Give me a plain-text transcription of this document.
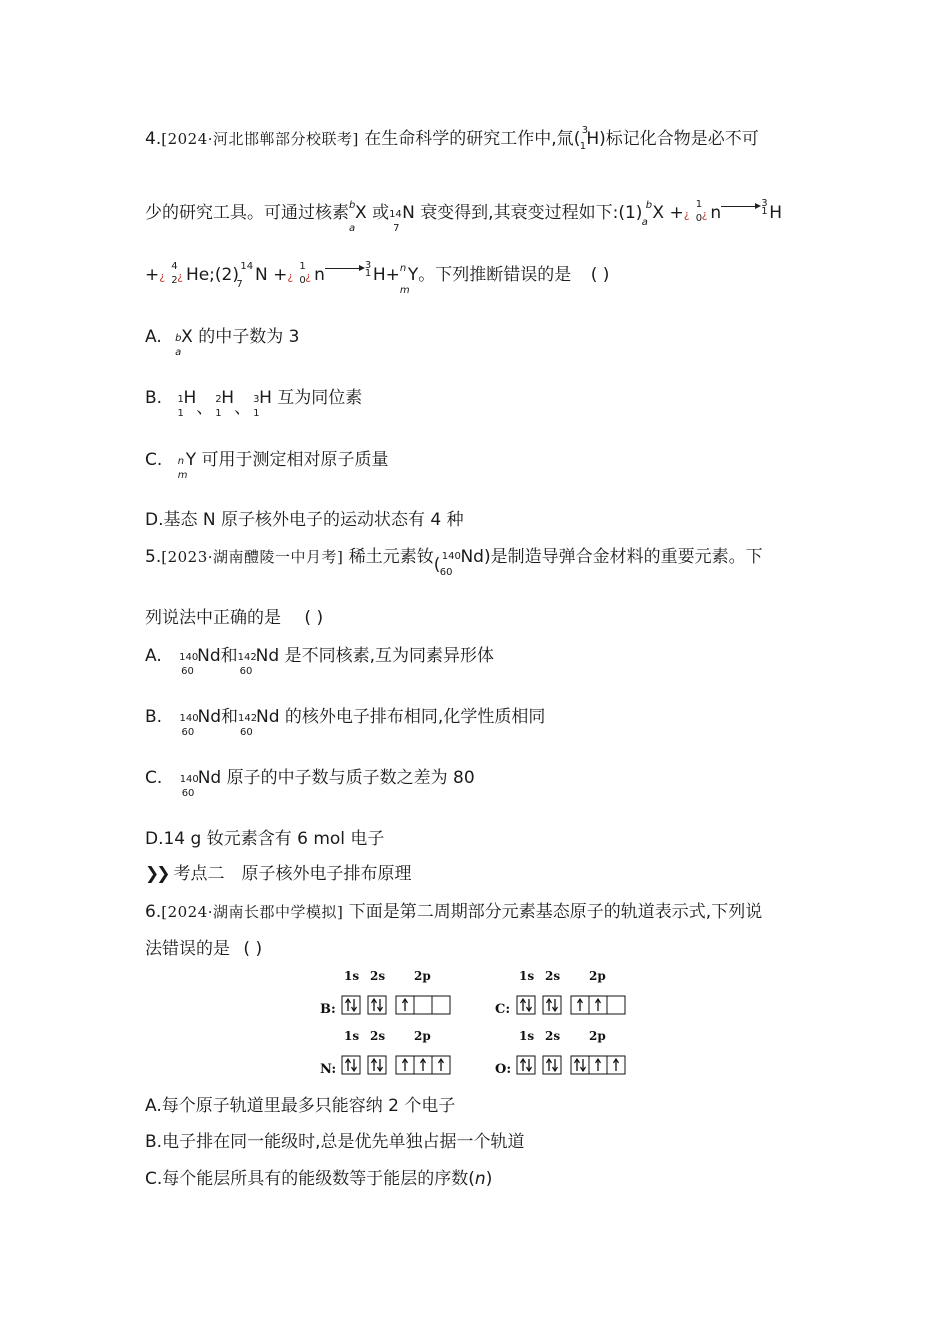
4.[2024·河北邯郸部分校联考] 在生命科学的研究工作中,氚( 3
1 H)标记化合物是必不可
少的研究工具。可通过核素 b
a
X 或 14
7
N 衰变得到,其衰变过程如下:(1) b
a X +¿
1
0 ¿ n	3
1 H
+¿
4
2 ¿ He;(2)
7
14 N +¿
1
0 ¿ n	3
1 H+ n
m
Y。下列推断错误的是 ( )
A. b
a
X 的中子数为 3
B. 1
1
H、 2
1
H、 3
1
H 互为同位素
C. n
m
Y 可用于测定相对原子质量
D.基态 N 原子核外电子的运动状态有 4 种
5.[2023·湖南醴陵一中月考] 稀土元素钕( 140
60
Nd)是制造导弹合金材料的重要元素。下
列说法中正确的是 ( )
A. 140
60
Nd和 142
60
Nd 是不同核素,互为同素异形体
B. 140
60
Nd和 142
60
Nd 的核外电子排布相同,化学性质相同
C. 140
60
Nd 原子的中子数与质子数之差为 80
D.14 g 钕元素含有 6 mol 电子
❯❯ 考点二　原子核外电子排布原理
6.[2024·湖南长郡中学模拟] 下面是第二周期部分元素基态原子的轨道表示式,下列说
法错误的是 ( )
B:
1s 2s 2p
C:
1s 2s 2p
N:
1s 2s 2p
O:
1s 2s 2p
A.每个原子轨道里最多只能容纳 2 个电子
B.电子排在同一能级时,总是优先单独占据一个轨道
C.每个能层所具有的能级数等于能层的序数(n)
